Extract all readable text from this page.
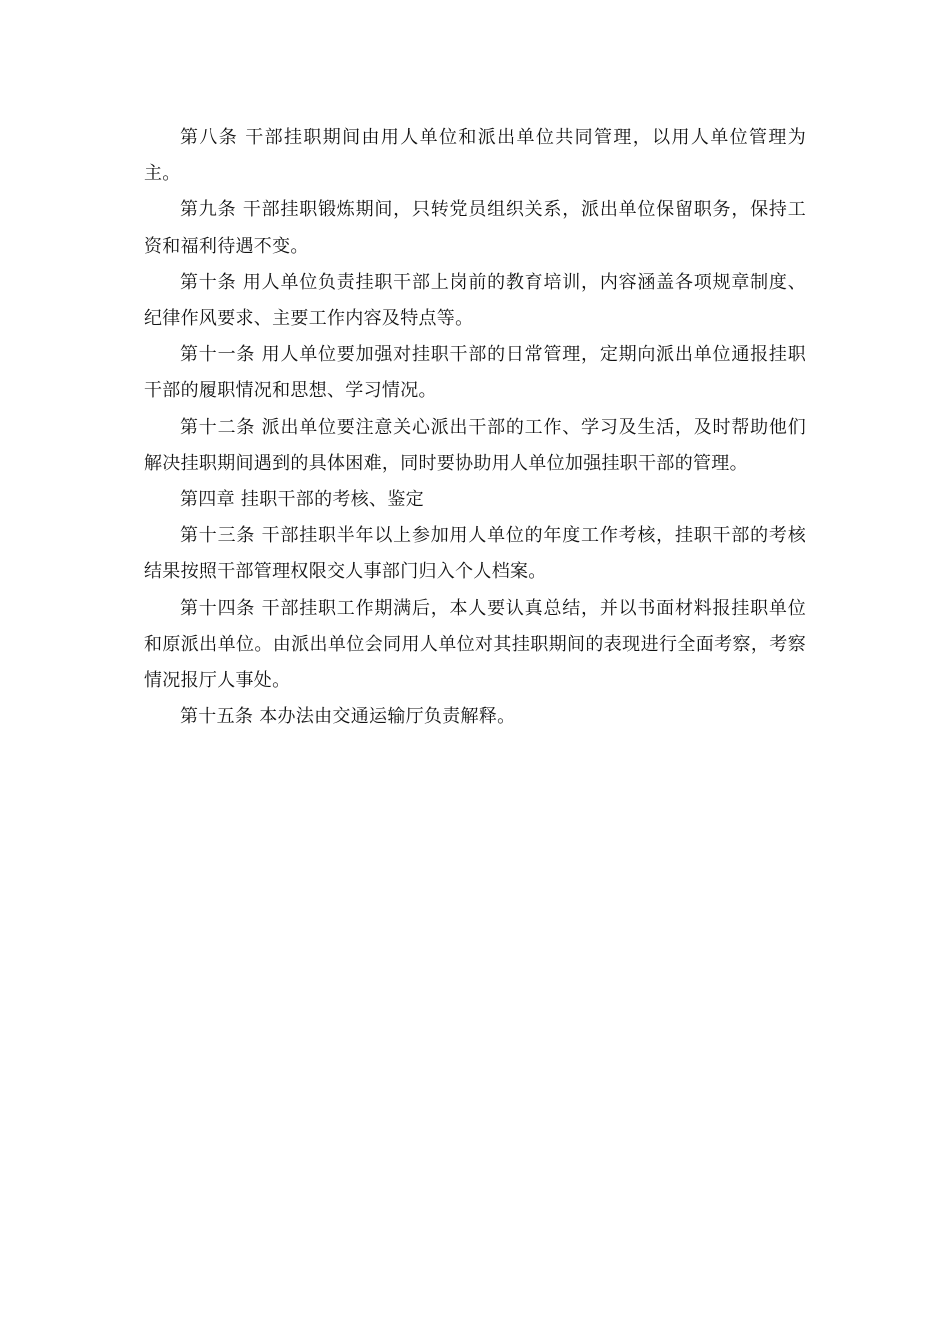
第八条 干部挂职期间由用人单位和派出单位共同管理，以用人单位管理为主。

第九条 干部挂职锻炼期间，只转党员组织关系，派出单位保留职务，保持工资和福利待遇不变。

第十条 用人单位负责挂职干部上岗前的教育培训，内容涵盖各项规章制度、纪律作风要求、主要工作内容及特点等。

第十一条 用人单位要加强对挂职干部的日常管理，定期向派出单位通报挂职干部的履职情况和思想、学习情况。

第十二条 派出单位要注意关心派出干部的工作、学习及生活，及时帮助他们解决挂职期间遇到的具体困难，同时要协助用人单位加强挂职干部的管理。

第四章 挂职干部的考核、鉴定

第十三条 干部挂职半年以上参加用人单位的年度工作考核，挂职干部的考核结果按照干部管理权限交人事部门归入个人档案。

第十四条 干部挂职工作期满后，本人要认真总结，并以书面材料报挂职单位和原派出单位。由派出单位会同用人单位对其挂职期间的表现进行全面考察，考察情况报厅人事处。

第十五条 本办法由交通运输厅负责解释。
